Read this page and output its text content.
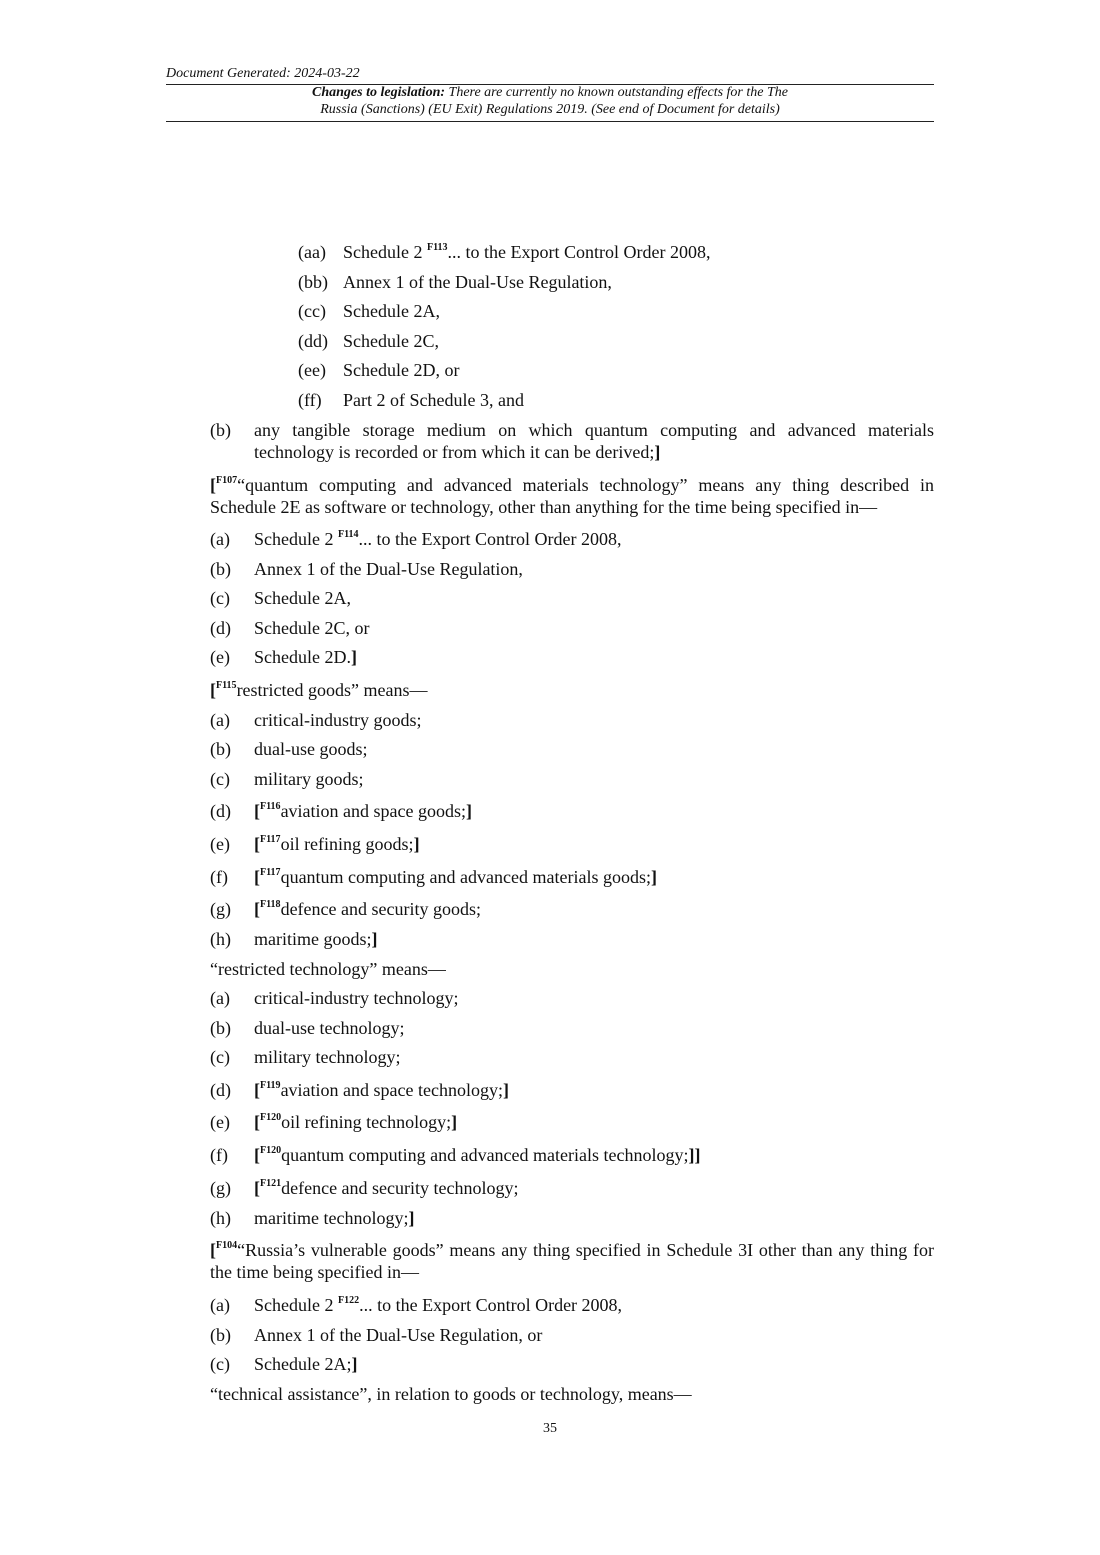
Document Generated: 2024-03-22
Changes to legislation: There are currently no known outstanding effects for the The
Russia (Sanctions) (EU Exit) Regulations 2019. (See end of Document for details)
(aa) Schedule 2 $^{F113}$... to the Export Control Order 2008,
(bb) Annex 1 of the Dual-Use Regulation,
(cc) Schedule 2A,
(dd) Schedule 2C,
(ee) Schedule 2D, or
(ff) Part 2 of Schedule 3, and
(b) any tangible storage medium on which quantum computing and advanced materials technology is recorded or from which it can be derived;]
[$^{F107}$“quantum computing and advanced materials technology” means any thing described in Schedule 2E as software or technology, other than anything for the time being specified in—
(a) Schedule 2 $^{F114}$... to the Export Control Order 2008,
(b) Annex 1 of the Dual-Use Regulation,
(c) Schedule 2A,
(d) Schedule 2C, or
(e) Schedule 2D.]
[$^{F115}$restricted goods” means—
(a) critical-industry goods;
(b) dual-use goods;
(c) military goods;
(d) [$^{F116}$aviation and space goods;]
(e) [$^{F117}$oil refining goods;]
(f) [$^{F117}$quantum computing and advanced materials goods;]
(g) [$^{F118}$defence and security goods;
(h) maritime goods;]
“restricted technology” means—
(a) critical-industry technology;
(b) dual-use technology;
(c) military technology;
(d) [$^{F119}$aviation and space technology;]
(e) [$^{F120}$oil refining technology;]
(f) [$^{F120}$quantum computing and advanced materials technology;]]
(g) [$^{F121}$defence and security technology;
(h) maritime technology;]
[$^{F104}$“Russia’s vulnerable goods” means any thing specified in Schedule 3I other than any thing for the time being specified in—
(a) Schedule 2 $^{F122}$... to the Export Control Order 2008,
(b) Annex 1 of the Dual-Use Regulation, or
(c) Schedule 2A;]
“technical assistance”, in relation to goods or technology, means—
35
